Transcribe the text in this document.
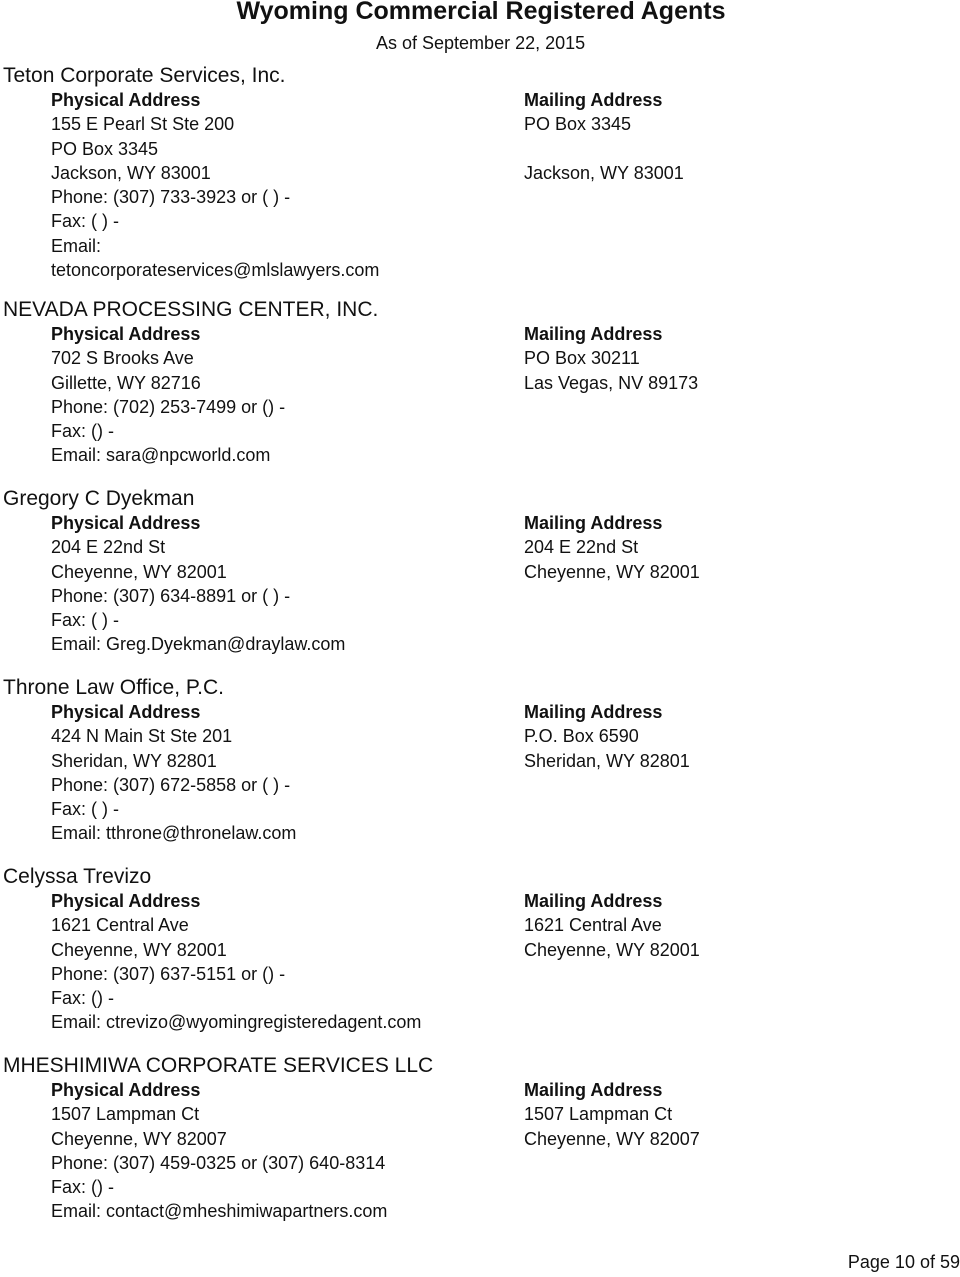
Wyoming Commercial Registered Agents
As of September 22, 2015
Teton Corporate Services, Inc.
Physical Address
155 E Pearl St Ste 200
PO Box 3345
Jackson, WY 83001
Phone: (307) 733-3923 or ( ) -
Fax: ( ) -
Email:
tetoncorporateservices@mlslawyers.com
Mailing Address
PO Box 3345
Jackson, WY 83001
NEVADA PROCESSING CENTER, INC.
Physical Address
702 S Brooks Ave
Gillette, WY 82716
Phone: (702) 253-7499 or () -
Fax: () -
Email: sara@npcworld.com
Mailing Address
PO Box 30211
Las Vegas, NV 89173
Gregory C Dyekman
Physical Address
204 E 22nd St
Cheyenne, WY 82001
Phone: (307) 634-8891 or ( ) -
Fax: ( ) -
Email: Greg.Dyekman@draylaw.com
Mailing Address
204 E 22nd St
Cheyenne, WY 82001
Throne Law Office, P.C.
Physical Address
424 N Main St Ste 201
Sheridan, WY 82801
Phone: (307) 672-5858 or ( ) -
Fax: ( ) -
Email: tthrone@thronelaw.com
Mailing Address
P.O. Box 6590
Sheridan, WY 82801
Celyssa Trevizo
Physical Address
1621 Central Ave
Cheyenne, WY 82001
Phone: (307) 637-5151 or () -
Fax: () -
Email: ctrevizo@wyomingregisteredagent.com
Mailing Address
1621 Central Ave
Cheyenne, WY 82001
MHESHIMIWA CORPORATE SERVICES LLC
Physical Address
1507 Lampman Ct
Cheyenne, WY 82007
Phone: (307) 459-0325 or (307) 640-8314
Fax: () -
Email: contact@mheshimiwapartners.com
Mailing Address
1507 Lampman Ct
Cheyenne, WY 82007
Page 10 of 59
